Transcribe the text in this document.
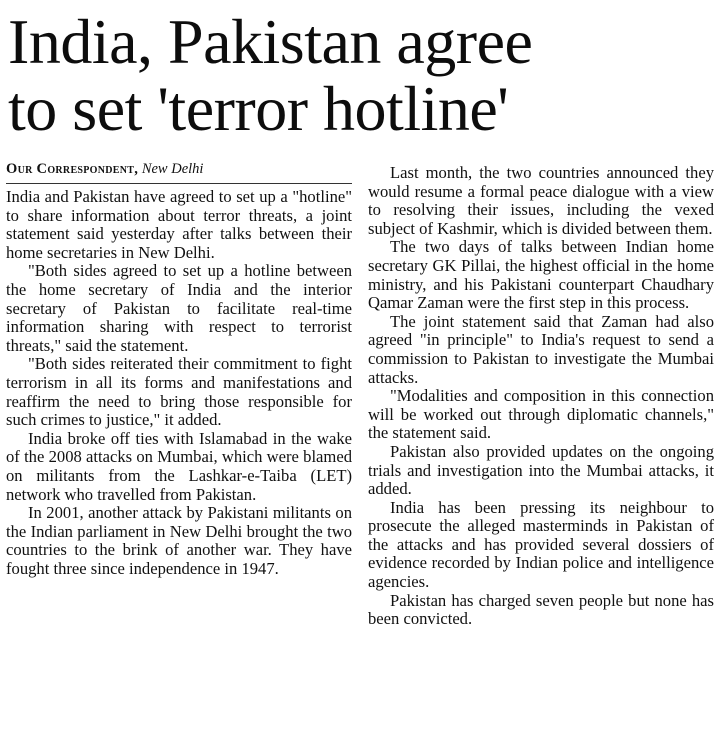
India, Pakistan agree
to set 'terror hotline'
Our Correspondent, New Delhi

India and Pakistan have agreed to set up a "hotline" to share information about terror threats, a joint statement said yesterday after talks between their home secretaries in New Delhi.

"Both sides agreed to set up a hotline between the home secretary of India and the interior secretary of Pakistan to facilitate real-time information sharing with respect to terrorist threats," said the statement.

"Both sides reiterated their commitment to fight terrorism in all its forms and manifestations and reaffirm the need to bring those responsible for such crimes to justice," it added.

India broke off ties with Islamabad in the wake of the 2008 attacks on Mumbai, which were blamed on militants from the Lashkar-e-Taiba (LET) network who travelled from Pakistan.

In 2001, another attack by Pakistani militants on the Indian parliament in New Delhi brought the two countries to the brink of another war. They have fought three since independence in 1947.

Last month, the two countries announced they would resume a formal peace dialogue with a view to resolving their issues, including the vexed subject of Kashmir, which is divided between them.

The two days of talks between Indian home secretary GK Pillai, the highest official in the home ministry, and his Pakistani counterpart Chaudhary Qamar Zaman were the first step in this process.

The joint statement said that Zaman had also agreed "in principle" to India's request to send a commission to Pakistan to investigate the Mumbai attacks.

"Modalities and composition in this connection will be worked out through diplomatic channels," the statement said.

Pakistan also provided updates on the ongoing trials and investigation into the Mumbai attacks, it added.

India has been pressing its neighbour to prosecute the alleged masterminds in Pakistan of the attacks and has provided several dossiers of evidence recorded by Indian police and intelligence agencies.

Pakistan has charged seven people but none has been convicted.
